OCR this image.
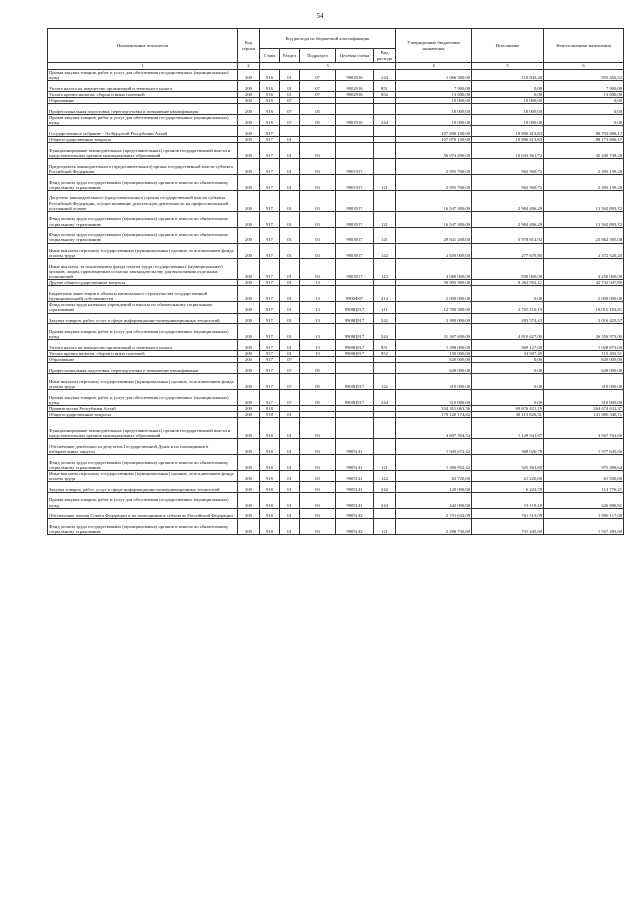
54
Наименование показателя	Код строки	Код расхода по бюджетной классификации					Утвержденные бюджетные назначения	Исполнение	Неисполненные назначения
		Глава	Раздел	Подраздел	Целевая статья	Вид расхода			
1	2	3					4	5	6
Прочая закупка товаров, работ и услуг для обеспечения государственных (муниципальных) нужд	200	916	01	07	9902916	244	1 066 300,00	110 843,48	955 456,52
Уплата налога на имущество организаций и земельного налога	200	916	01	07	9902916	851	7 900,00	0,00	7 900,00
Уплата прочих налогов, сборов и иных платежей	200	916	01	07	9902916	852	13 600,00	0,00	13 600,00
Образование	200	916	07				10 000,00	10 000,00	0,00
Профессиональная подготовка, переподготовка и повышение квалификации	200	916	07	05			10 000,00	10 000,00	0,00
Прочая закупка товаров, работ и услуг для обеспечения государственных (муниципальных) нужд	200	916	07	05	9902916	244	10 000,00	10 000,00	0,00
Государственное собрание - Эл Курултай Республики Алтай	200	917					107 690 100,00	18 896 413,83	88 793 686,17
Общегосударственные вопросы	200	917	01				107 070 100,00	18 896 413,83	88 173 686,17
Функционирование законодательных (представительных) органов государственной власти и представительных органов муниципальных образований	200	917	01	03			56 074 200,00	10 633 461,72	45 440 738,28
Председатель законодательного (представительного) органа государственной власти субъекта Российской Федерации	200	917	01	03	9901917		2 955 700,00	562 560,72	2 393 139,28
Фонд оплаты труда государственных (муниципальных) органов и взносы по обязательному социальному страхованию	200	917	01	03	9901917	121	2 955 700,00	562 560,72	2 393 139,28
Депутаты законодательного (представительного) органа государственной власти субъекта Российской Федерации, осуществляющие депутатскую деятельность на профессиональной постоянной основе	200	917	01	03	9902917		16 547 300,00	2 984 406,28	13 562 893,72
Фонд оплаты труда государственных (муниципальных) органов и взносы по обязательному социальному страхованию	200	917	01	03	9902917	121	16 547 300,00	2 984 406,28	13 562 893,72
Фонд оплаты труда государственных (муниципальных) органов и взносы по обязательному социальному страхованию	200	917	01	03	9903917	121	29 841 200,00	5 978 814,92	23 862 385,08
Иные выплаты персоналу государственных (муниципальных) органов, за исключением фонда оплаты труда	200	917	01	03	9903917	122	2 650 000,00	277 679,80	2 372 320,20
Иные выплаты, за исключением фонда оплаты труда государственных (муниципальных) органов, лицам, привлекаемым согласно законодательству для выполнения отдельных полномочий	200	917	01	03	9903917	123	4 080 000,00	830 000,00	3 250 000,00
Другие общегосударственные вопросы	200	917	01	13			50 995 900,00	8 262 952,11	42 732 947,89
Бюджетные инвестиции в объекты капитального строительства государственной (муниципальной) собственности	200	917	01	13	9900Ф07	414	2 000 000,00	0,00	2 000 000,00
Фонд оплаты труда казенных учреждений и взносы по обязательному социальному страхованию	200	917	01	13	9900Ц917	111	12 780 300,00	2 765 116,19	10 015 183,81
Закупка товаров, работ, услуг в сфере информационно-коммуникационных технологий	200	917	01	13	9900Ц917	242	3 300 000,00	283 574,43	3 016 425,57
Прочая закупка товаров, работ и услуг для обеспечения государственных (муниципальных) нужд	200	917	01	13	9900Ц917	244	31 367 600,00	4 810 627,00	26 556 973,00
Уплата налога на имущество организаций и земельного налога	200	917	01	13	9900Ц917	851	1 398 000,00	369 127,00	1 028 873,00
Уплата прочих налогов, сборов и иных платежей	200	917	01	13	9900Ц917	852	150 000,00	34 507,49	115 492,51
Образование	200	917	07				620 000,00	0,00	620 000,00
Профессиональная подготовка, переподготовка и повышение квалификации	200	917	07	05			620 000,00	0,00	620 000,00
Иные выплаты персоналу государственных (муниципальных) органов, за исключением фонда оплаты труда	200	917	07	05	9900Ц917	122	310 000,00	0,00	310 000,00
Прочая закупка товаров, работ и услуг для обеспечения государственных (муниципальных) нужд	200	917	07	05	9900Ц917	244	310 000,00	0,00	310 000,00
Правительство Республики Алтай	200	918					334 351 063,56	69 676 431,19	264 674 632,37
Общегосударственные вопросы	200	918	01				179 120 174,42	38 113 826,31	141 006 348,11
Функционирование законодательных (представительных) органов государственной власти и представительных органов муниципальных образований	200	918	01	03			4 697 304,53	1 129 541,87	3 567 762,66
Обеспечение деятельности депутатов Государственной Думы и их помощников в избирательных округах	200	918	01	03	9905141		1 945 672,44	368 026,78	1 577 645,66
Фонд оплаты труда государственных (муниципальных) органов и взносы по обязательному социальному страхованию	200	918	01	03	9905141	121	1 300 952,44	325 463,80	975 488,64
Иные выплаты персоналу государственных (муниципальных) органов, за исключением фонда оплаты труда	200	918	01	03	9905141	122	82 720,00	21 220,00	61 500,00
Закупка товаров, работ, услуг в сфере информационно-коммуникационных технологий	200	918	01	03	9905141	242	120 000,00	6 223,79	113 776,21
Прочая закупка товаров, работ и услуг для обеспечения государственных (муниципальных) нужд	200	918	01	03	9905141	244	442 000,00	15 119,19	426 880,81
Обеспечение членов Совета Федерации и их помощников в субъектах Российской Федерации	200	918	01	03	9905142		2 751 632,09	761 515,09	1 990 117,00
Фонд оплаты труда государственных (муниципальных) органов и взносы по обязательному социальному страхованию	200	918	01	03	9905142	121	2 288 730,00	731 445,00	1 557 285,00
